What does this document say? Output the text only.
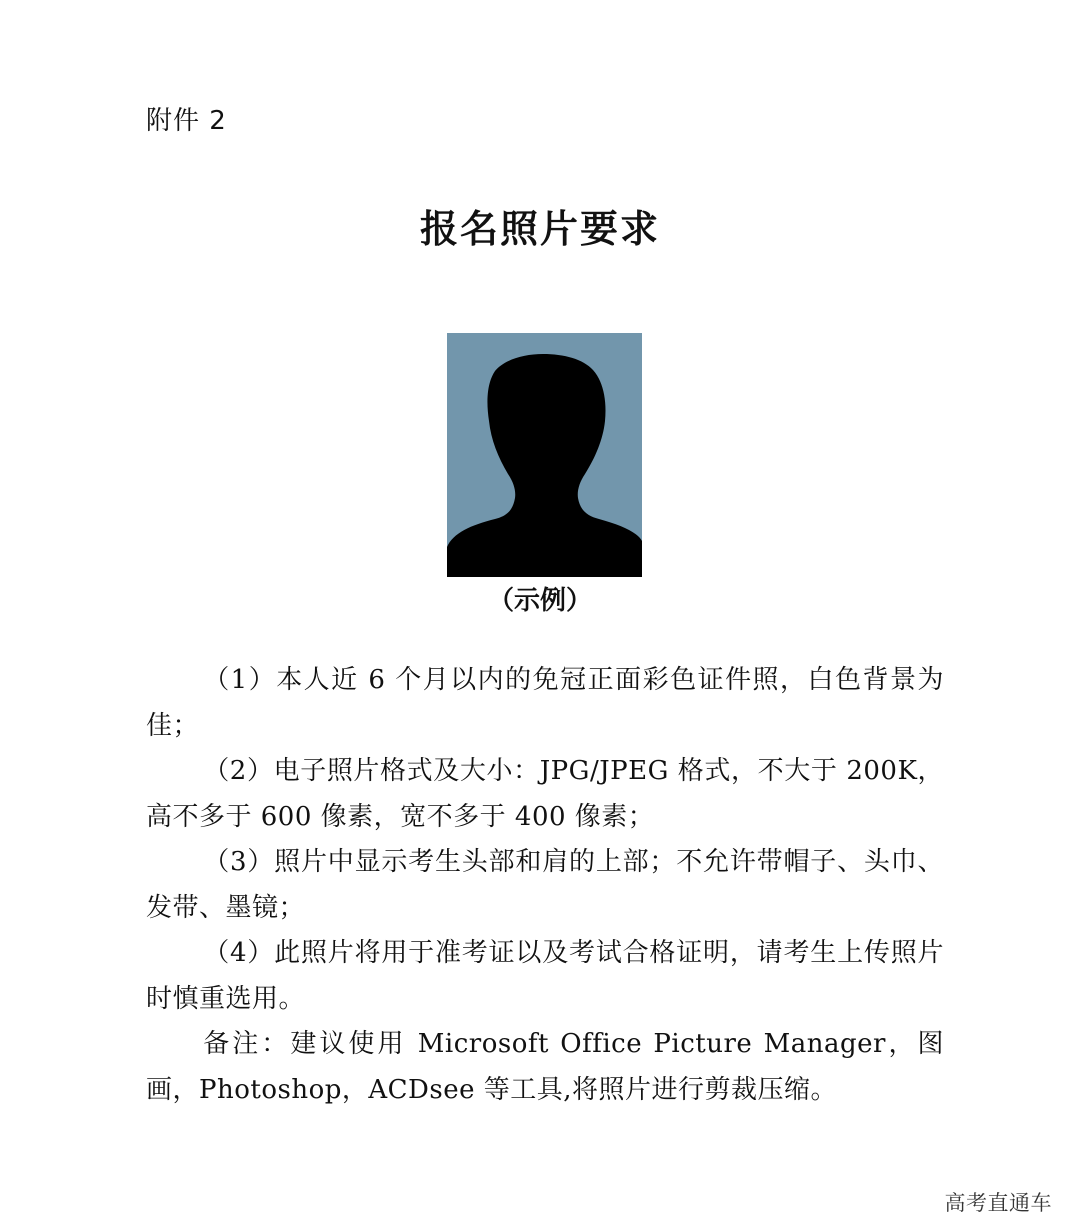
附件 2
报名照片要求
（示例）

（1）本人近 6 个月以内的免冠正面彩色证件照，白色背景为佳；

（2）电子照片格式及大小：JPG/JPEG 格式，不大于 200K，高不多于 600 像素，宽不多于 400 像素；

（3）照片中显示考生头部和肩的上部；不允许带帽子、头巾、发带、墨镜；

（4）此照片将用于准考证以及考试合格证明，请考生上传照片时慎重选用。

备注：建议使用 Microsoft Office Picture Manager，图画，Photoshop，ACDsee 等工具,将照片进行剪裁压缩。

高考直通车
